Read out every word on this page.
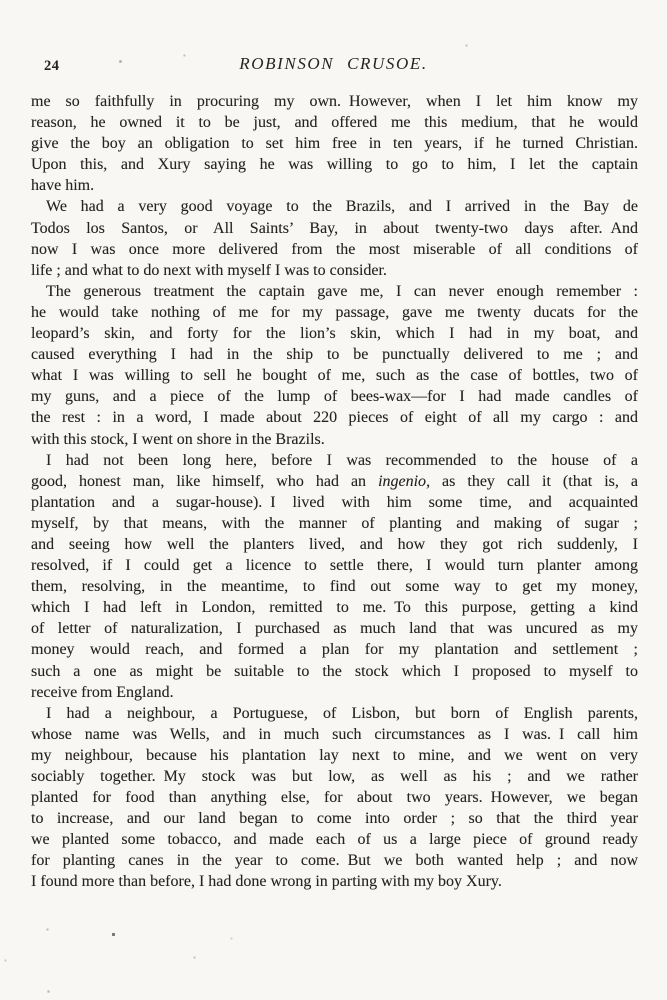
24	ROBINSON CRUSOE.
me so faithfully in procuring my own. However, when I let him know my
reason, he owned it to be just, and offered me this medium, that he would
give the boy an obligation to set him free in ten years, if he turned Christian.
Upon this, and Xury saying he was willing to go to him, I let the captain
have him.
We had a very good voyage to the Brazils, and I arrived in the Bay de
Todos los Santos, or All Saints’ Bay, in about twenty-two days after. And
now I was once more delivered from the most miserable of all conditions of
life ; and what to do next with myself I was to consider.
The generous treatment the captain gave me, I can never enough remember :
he would take nothing of me for my passage, gave me twenty ducats for the
leopard’s skin, and forty for the lion’s skin, which I had in my boat, and
caused everything I had in the ship to be punctually delivered to me ; and
what I was willing to sell he bought of me, such as the case of bottles, two of
my guns, and a piece of the lump of bees-wax—for I had made candles of
the rest : in a word, I made about 220 pieces of eight of all my cargo : and
with this stock, I went on shore in the Brazils.
I had not been long here, before I was recommended to the house of a
good, honest man, like himself, who had an ingenio, as they call it (that is, a
plantation and a sugar-house). I lived with him some time, and acquainted
myself, by that means, with the manner of planting and making of sugar ;
and seeing how well the planters lived, and how they got rich suddenly, I
resolved, if I could get a licence to settle there, I would turn planter among
them, resolving, in the meantime, to find out some way to get my money,
which I had left in London, remitted to me. To this purpose, getting a kind
of letter of naturalization, I purchased as much land that was uncured as my
money would reach, and formed a plan for my plantation and settlement ;
such a one as might be suitable to the stock which I proposed to myself to
receive from England.
I had a neighbour, a Portuguese, of Lisbon, but born of English parents,
whose name was Wells, and in much such circumstances as I was. I call him
my neighbour, because his plantation lay next to mine, and we went on very
sociably together. My stock was but low, as well as his ; and we rather
planted for food than anything else, for about two years. However, we began
to increase, and our land began to come into order ; so that the third year
we planted some tobacco, and made each of us a large piece of ground ready
for planting canes in the year to come. But we both wanted help ; and now
I found more than before, I had done wrong in parting with my boy Xury.
